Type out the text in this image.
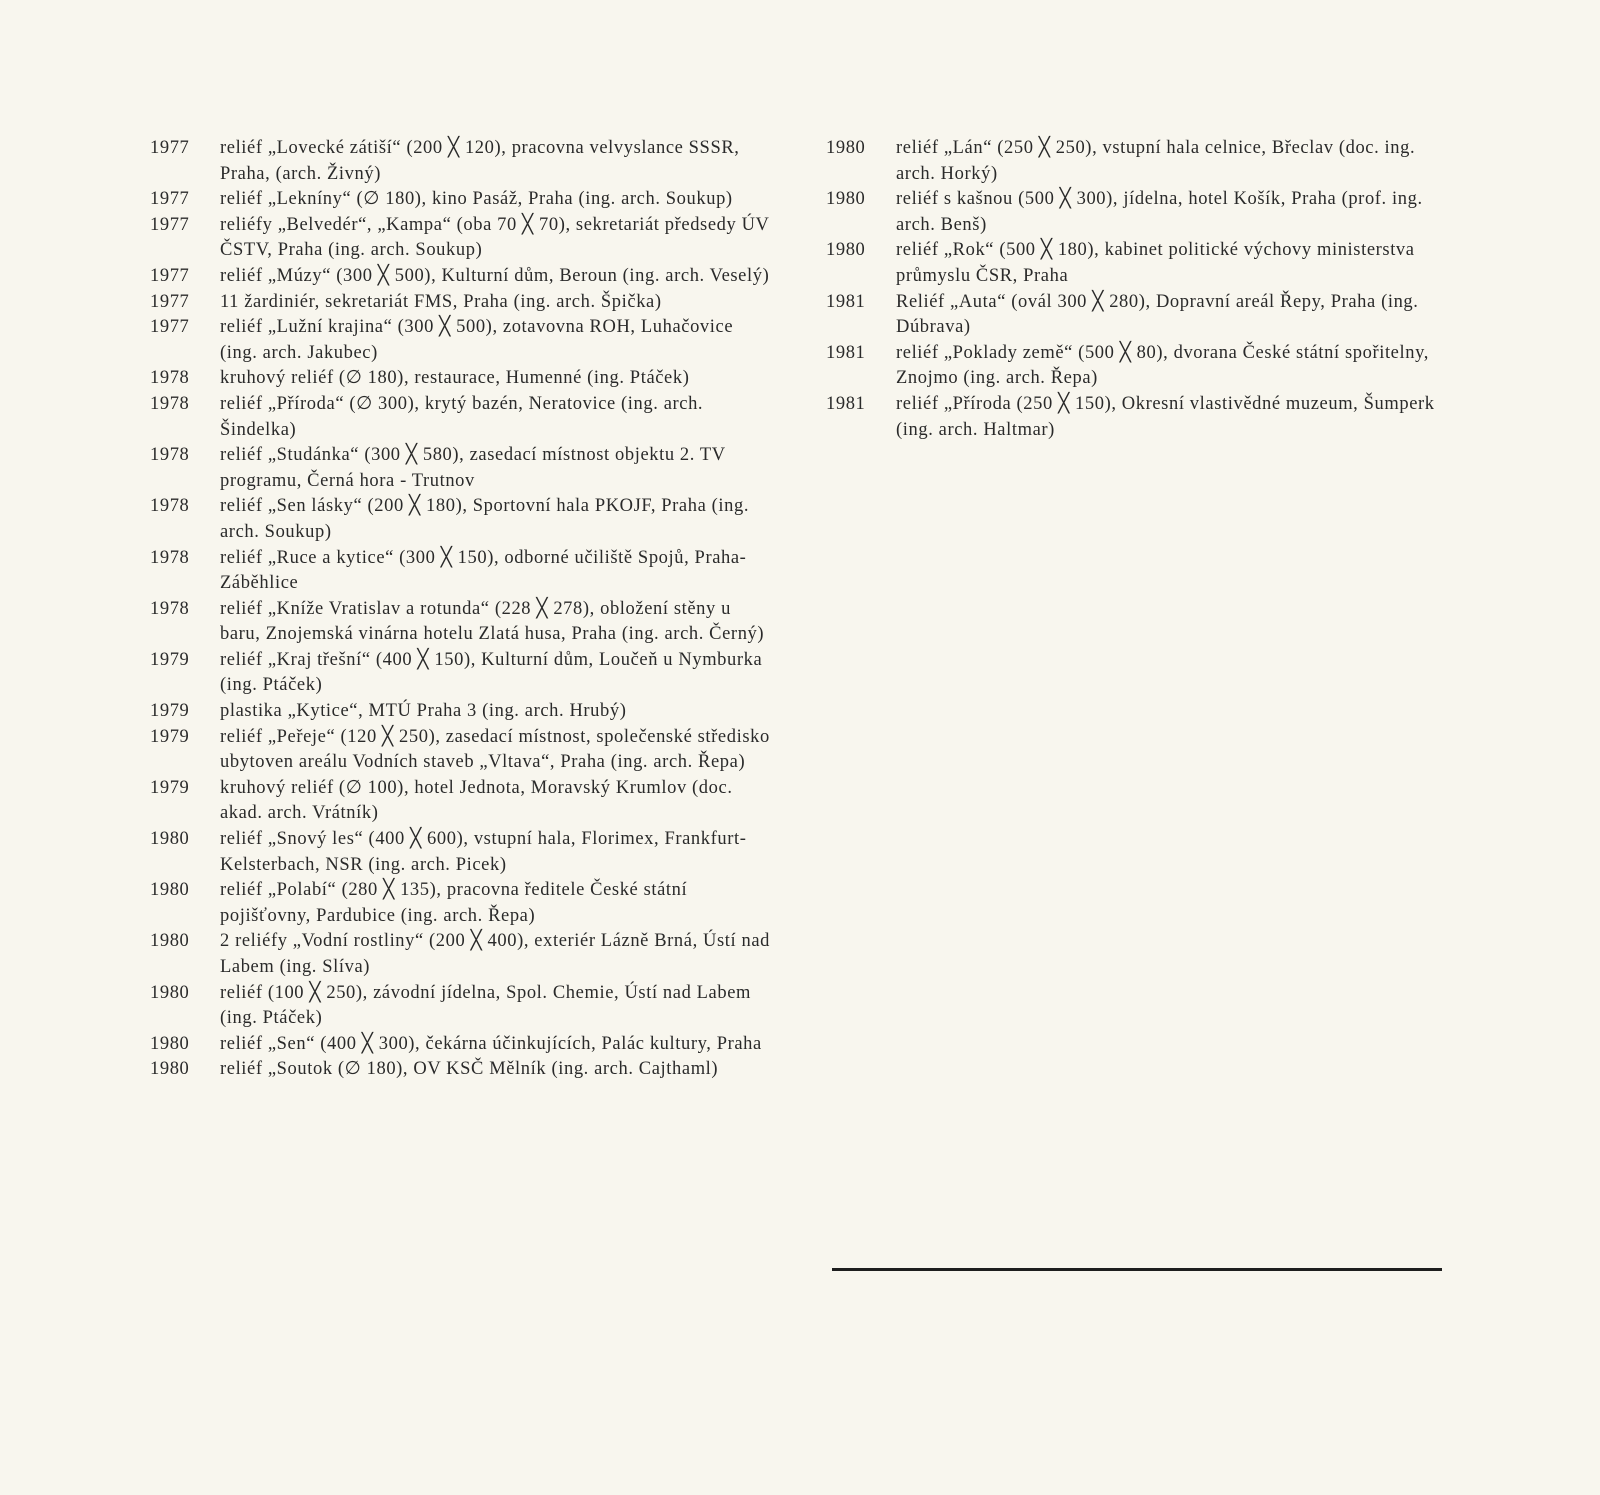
1977	reliéf „Lovecké zátiší“ (200 ╳ 120), pracovna velvyslance SSSR, Praha, (arch. Živný)
1977	reliéf „Lekníny“ (∅ 180), kino Pasáž, Praha (ing. arch. Soukup)
1977	reliéfy „Belvedér“, „Kampa“ (oba 70 ╳ 70), sekretariát předsedy ÚV ČSTV, Praha (ing. arch. Soukup)
1977	reliéf „Múzy“ (300 ╳ 500), Kulturní dům, Beroun (ing. arch. Veselý)
1977	11 žardiniér, sekretariát FMS, Praha (ing. arch. Špička)
1977	reliéf „Lužní krajina“ (300 ╳ 500), zotavovna ROH, Luhačovice (ing. arch. Jakubec)
1978	kruhový reliéf (∅ 180), restaurace, Humenné (ing. Ptáček)
1978	reliéf „Příroda“ (∅ 300), krytý bazén, Neratovice (ing. arch. Šindelka)
1978	reliéf „Studánka“ (300 ╳ 580), zasedací místnost objektu 2. TV programu, Černá hora - Trutnov
1978	reliéf „Sen lásky“ (200 ╳ 180), Sportovní hala PKOJF, Praha (ing. arch. Soukup)
1978	reliéf „Ruce a kytice“ (300 ╳ 150), odborné učiliště Spojů, Praha-Záběhlice
1978	reliéf „Kníže Vratislav a rotunda“ (228 ╳ 278), obložení stěny u baru, Znojemská vinárna hotelu Zlatá husa, Praha (ing. arch. Černý)
1979	reliéf „Kraj třešní“ (400 ╳ 150), Kulturní dům, Loučeň u Nymburka (ing. Ptáček)
1979	plastika „Kytice“, MTÚ Praha 3 (ing. arch. Hrubý)
1979	reliéf „Peřeje“ (120 ╳ 250), zasedací místnost, společenské středisko ubytoven areálu Vodních staveb „Vltava“, Praha (ing. arch. Řepa)
1979	kruhový reliéf (∅ 100), hotel Jednota, Moravský Krumlov (doc. akad. arch. Vrátník)
1980	reliéf „Snový les“ (400 ╳ 600), vstupní hala, Florimex, Frankfurt-Kelsterbach, NSR (ing. arch. Picek)
1980	reliéf „Polabí“ (280 ╳ 135), pracovna ředitele České státní pojišťovny, Pardubice (ing. arch. Řepa)
1980	2 reliéfy „Vodní rostliny“ (200 ╳ 400), exteriér Lázně Brná, Ústí nad Labem (ing. Slíva)
1980	reliéf (100 ╳ 250), závodní jídelna, Spol. Chemie, Ústí nad Labem (ing. Ptáček)
1980	reliéf „Sen“ (400 ╳ 300), čekárna účinkujících, Palác kultury, Praha
1980	reliéf „Soutok (∅ 180), OV KSČ Mělník (ing. arch. Cajthaml)
1980	reliéf „Lán“ (250 ╳ 250), vstupní hala celnice, Břeclav (doc. ing. arch. Horký)
1980	reliéf s kašnou (500 ╳ 300), jídelna, hotel Košík, Praha (prof. ing. arch. Benš)
1980	reliéf „Rok“ (500 ╳ 180), kabinet politické výchovy ministerstva průmyslu ČSR, Praha
1981	Reliéf „Auta“ (ovál 300 ╳ 280), Dopravní areál Řepy, Praha (ing. Dúbrava)
1981	reliéf „Poklady země“ (500 ╳ 80), dvorana České státní spořitelny, Znojmo (ing. arch. Řepa)
1981	reliéf „Příroda (250 ╳ 150), Okresní vlastivědné muzeum, Šumperk (ing. arch. Haltmar)
